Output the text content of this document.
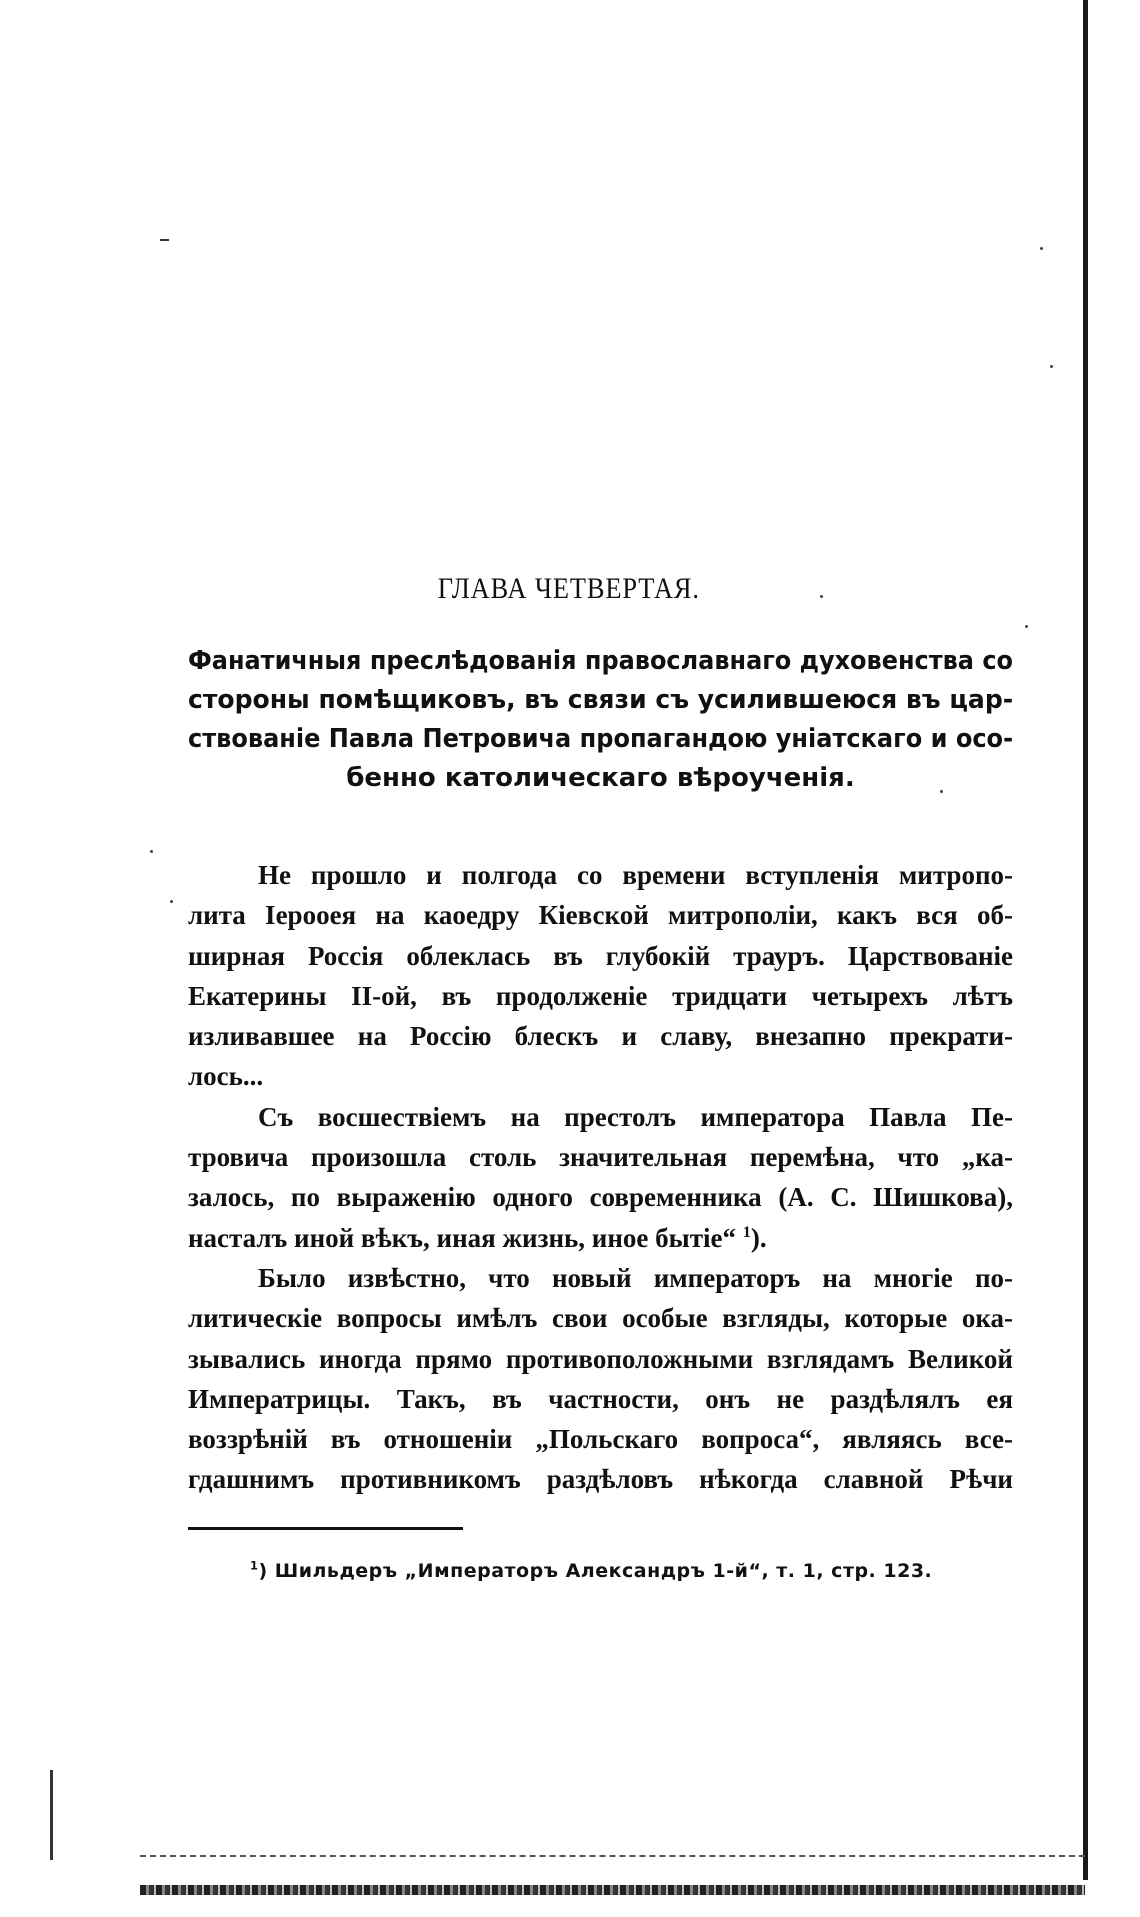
ГЛАВА ЧЕТВЕРТАЯ.
Фанатичныя преслѣдованія православнаго духовенства со
стороны помѣщиковъ, въ связи съ усилившеюся въ цар-
ствованіе Павла Петровича пропагандою уніатскаго и осо-
бенно католическаго вѣроученія.
Не прошло и полгода со времени вступленія митропо-
лита Іерооея на каоедру Кіевской митрополіи, какъ вся об-
ширная Россія облеклась въ глубокій трауръ. Царствованіе
Екатерины II-ой, въ продолженіе тридцати четырехъ лѣтъ
изливавшее на Россію блескъ и славу, внезапно прекрати-
лось...
Съ восшествіемъ на престолъ императора Павла Пе-
тровича произошла столь значительная перемѣна, что „ка-
залось, по выраженію одного современника (А. С. Шишкова),
насталъ иной вѣкъ, иная жизнь, иное бытіе“ $^1$).
Было извѣстно, что новый императоръ на многіе по-
литическіе вопросы имѣлъ свои особые взгляды, которые ока-
зывались иногда прямо противоположными взглядамъ Великой
Императрицы. Такъ, въ частности, онъ не раздѣлялъ ея
воззрѣній въ отношеніи „Польскаго вопроса“, являясь все-
гдашнимъ противникомъ раздѣловъ нѣкогда славной Рѣчи
$^1$) Шильдеръ „Императоръ Александръ 1-й“, т. 1, стр. 123.
